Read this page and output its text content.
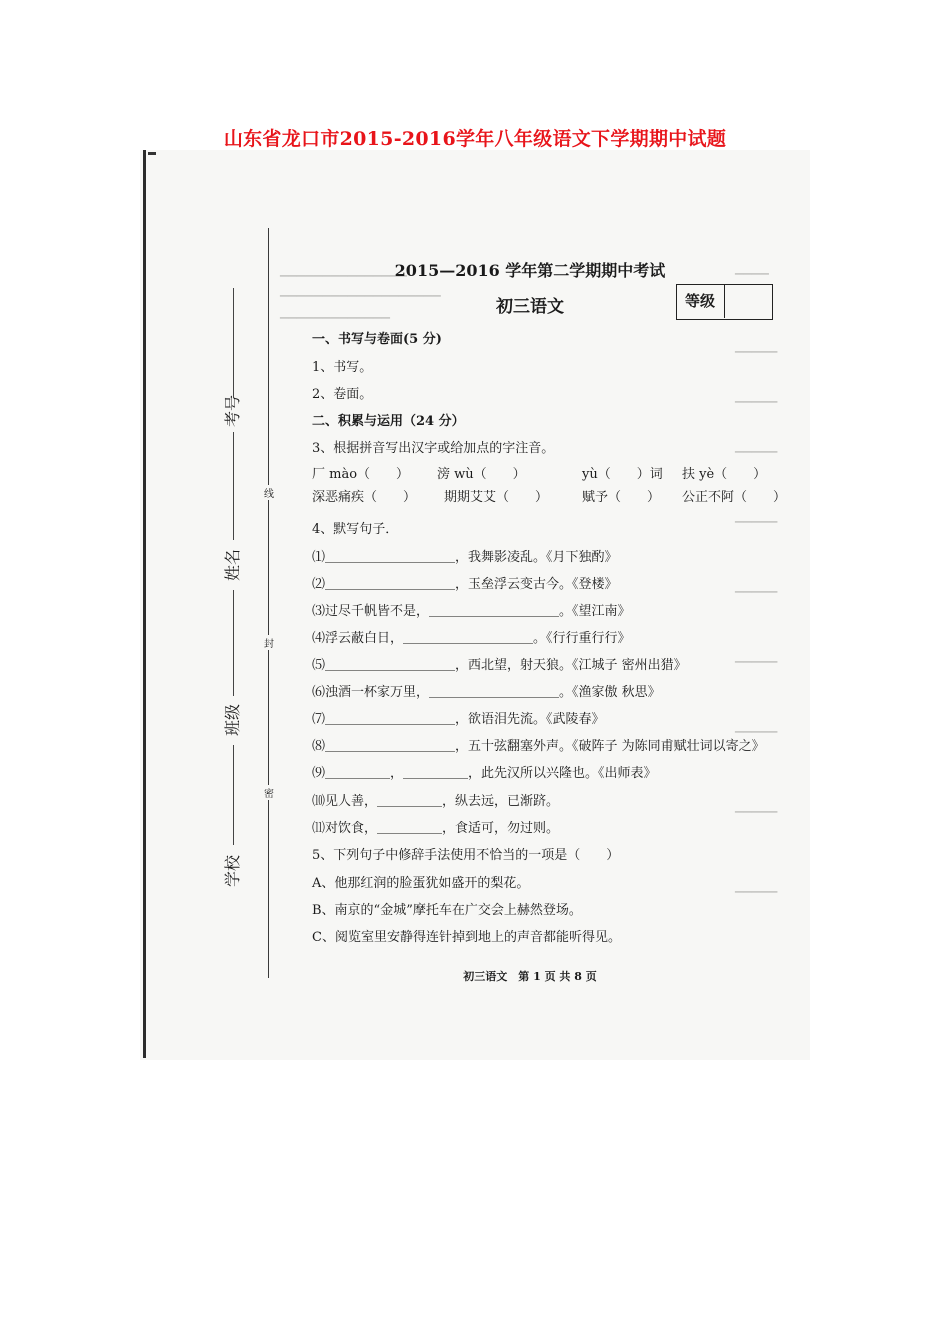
山东省龙口市2015-2016学年八年级语文下学期期中试题
▁▁▁▁▁▁▁▁▁▁▁▁▁▁▁
▁▁▁▁▁▁▁▁▁▁▁▁▁▁▁▁▁▁▁
▁▁▁▁▁▁▁▁▁▁▁▁▁
▁▁▁▁
▁▁▁▁▁
▁▁▁▁▁
▁▁▁▁▁
▁▁▁▁▁
▁▁▁▁▁
▁▁▁▁▁
▁▁▁▁▁
▁▁▁▁▁
▁▁▁▁▁
线
封
密
考号
姓名
班级
学校
2015—2016 学年第二学期期中考试
初三语文	等级
一、书写与卷面(5 分)
1、书写。
2、卷面。
二、积累与运用（24 分）
3、根据拼音写出汉字或给加点的字注音。
厂 mào（　　） 滂 wù（　　）	yù（　　）词 扶 yè（　　）
深恶痛疾（　　） 期期艾艾（　　）	赋予（　　） 公正不阿（　　）
4、默写句子．
⑴＿＿＿＿＿＿＿＿＿＿，我舞影凌乱。《月下独酌》
⑵＿＿＿＿＿＿＿＿＿＿，玉垒浮云变古今。《登楼》
⑶过尽千帆皆不是，＿＿＿＿＿＿＿＿＿＿。《望江南》
⑷浮云蔽白日，＿＿＿＿＿＿＿＿＿＿。《行行重行行》
⑸＿＿＿＿＿＿＿＿＿＿，西北望，射天狼。《江城子 密州出猎》
⑹浊酒一杯家万里，＿＿＿＿＿＿＿＿＿＿。《渔家傲 秋思》
⑺＿＿＿＿＿＿＿＿＿＿，欲语泪先流。《武陵春》
⑻＿＿＿＿＿＿＿＿＿＿，五十弦翻塞外声。《破阵子 为陈同甫赋壮词以寄之》
⑼＿＿＿＿＿，＿＿＿＿＿，此先汉所以兴隆也。《出师表》
⑽见人善，＿＿＿＿＿，纵去远，已渐跻。
⑾对饮食，＿＿＿＿＿，食适可，勿过则。
5、下列句子中修辞手法使用不恰当的一项是（　　）
A、他那红润的脸蛋犹如盛开的梨花。
B、南京的“金城”摩托车在广交会上赫然登场。
C、阅览室里安静得连针掉到地上的声音都能听得见。
初三语文　第 1 页 共 8 页
